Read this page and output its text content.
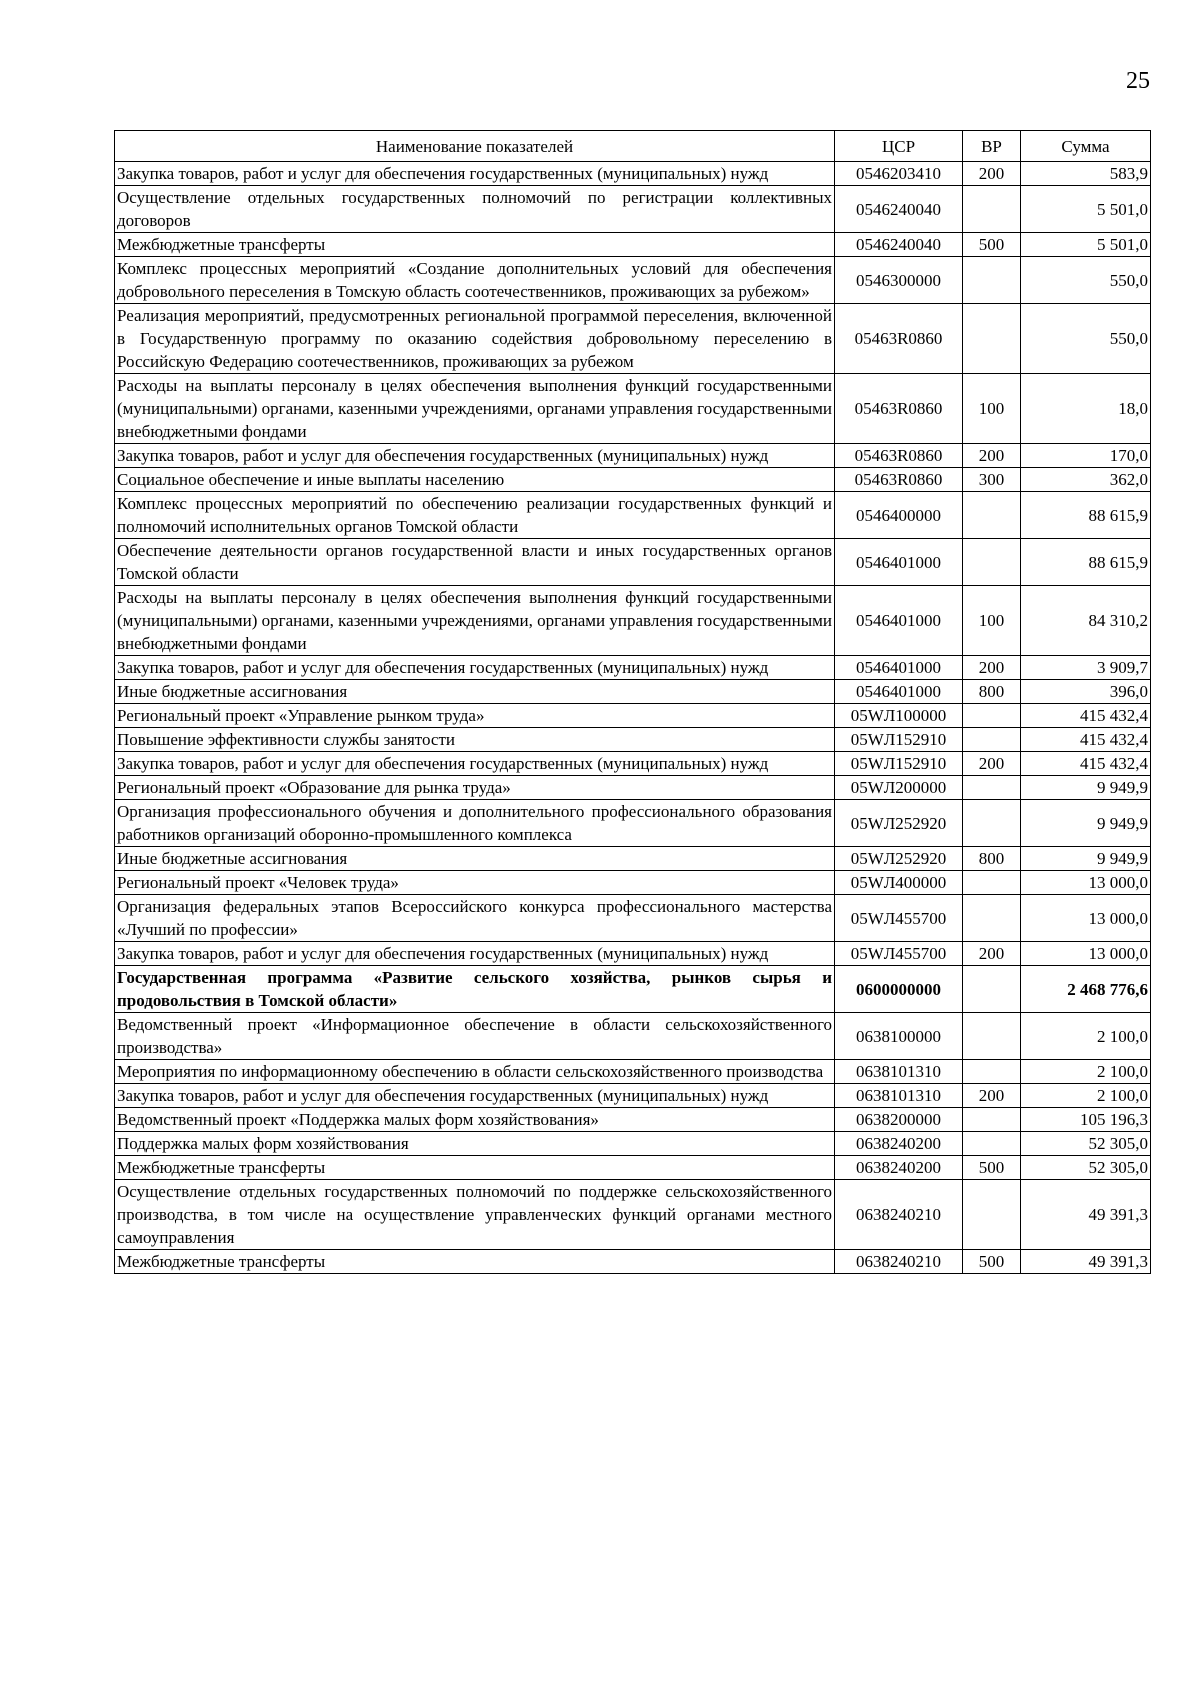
25
Наименование показателей	ЦСР	ВР	Сумма
Закупка товаров, работ и услуг для обеспечения государственных (муниципальных) нужд	0546203410	200	583,9
Осуществление отдельных государственных полномочий по регистрации коллективных договоров	0546240040		5 501,0
Межбюджетные трансферты	0546240040	500	5 501,0
Комплекс процессных мероприятий «Создание дополнительных условий для обеспечения добровольного переселения в Томскую область соотечественников, проживающих за рубежом»	0546300000		550,0
Реализация мероприятий, предусмотренных региональной программой переселения, включенной в Государственную программу по оказанию содействия добровольному переселению в Российскую Федерацию соотечественников, проживающих за рубежом	05463R0860		550,0
Расходы на выплаты персоналу в целях обеспечения выполнения функций государственными (муниципальными) органами, казенными учреждениями, органами управления государственными внебюджетными фондами	05463R0860	100	18,0
Закупка товаров, работ и услуг для обеспечения государственных (муниципальных) нужд	05463R0860	200	170,0
Социальное обеспечение и иные выплаты населению	05463R0860	300	362,0
Комплекс процессных мероприятий по обеспечению реализации государственных функций и полномочий исполнительных органов Томской области	0546400000		88 615,9
Обеспечение деятельности органов государственной власти и иных государственных органов Томской области	0546401000		88 615,9
Расходы на выплаты персоналу в целях обеспечения выполнения функций государственными (муниципальными) органами, казенными учреждениями, органами управления государственными внебюджетными фондами	0546401000	100	84 310,2
Закупка товаров, работ и услуг для обеспечения государственных (муниципальных) нужд	0546401000	200	3 909,7
Иные бюджетные ассигнования	0546401000	800	396,0
Региональный проект «Управление рынком труда»	05WЛ100000		415 432,4
Повышение эффективности службы занятости	05WЛ152910		415 432,4
Закупка товаров, работ и услуг для обеспечения государственных (муниципальных) нужд	05WЛ152910	200	415 432,4
Региональный проект «Образование для рынка труда»	05WЛ200000		9 949,9
Организация профессионального обучения и дополнительного профессионального образования работников организаций оборонно-промышленного комплекса	05WЛ252920		9 949,9
Иные бюджетные ассигнования	05WЛ252920	800	9 949,9
Региональный проект «Человек труда»	05WЛ400000		13 000,0
Организация федеральных этапов Всероссийского конкурса профессионального мастерства «Лучший по профессии»	05WЛ455700		13 000,0
Закупка товаров, работ и услуг для обеспечения государственных (муниципальных) нужд	05WЛ455700	200	13 000,0
Государственная программа «Развитие сельского хозяйства, рынков сырья и продовольствия в Томской области»	0600000000		2 468 776,6
Ведомственный проект «Информационное обеспечение в области сельскохозяйственного производства»	0638100000		2 100,0
Мероприятия по информационному обеспечению в области сельскохозяйственного производства	0638101310		2 100,0
Закупка товаров, работ и услуг для обеспечения государственных (муниципальных) нужд	0638101310	200	2 100,0
Ведомственный проект «Поддержка малых форм хозяйствования»	0638200000		105 196,3
Поддержка малых форм хозяйствования	0638240200		52 305,0
Межбюджетные трансферты	0638240200	500	52 305,0
Осуществление отдельных государственных полномочий по поддержке сельскохозяйственного производства, в том числе на осуществление управленческих функций органами местного самоуправления	0638240210		49 391,3
Межбюджетные трансферты	0638240210	500	49 391,3
